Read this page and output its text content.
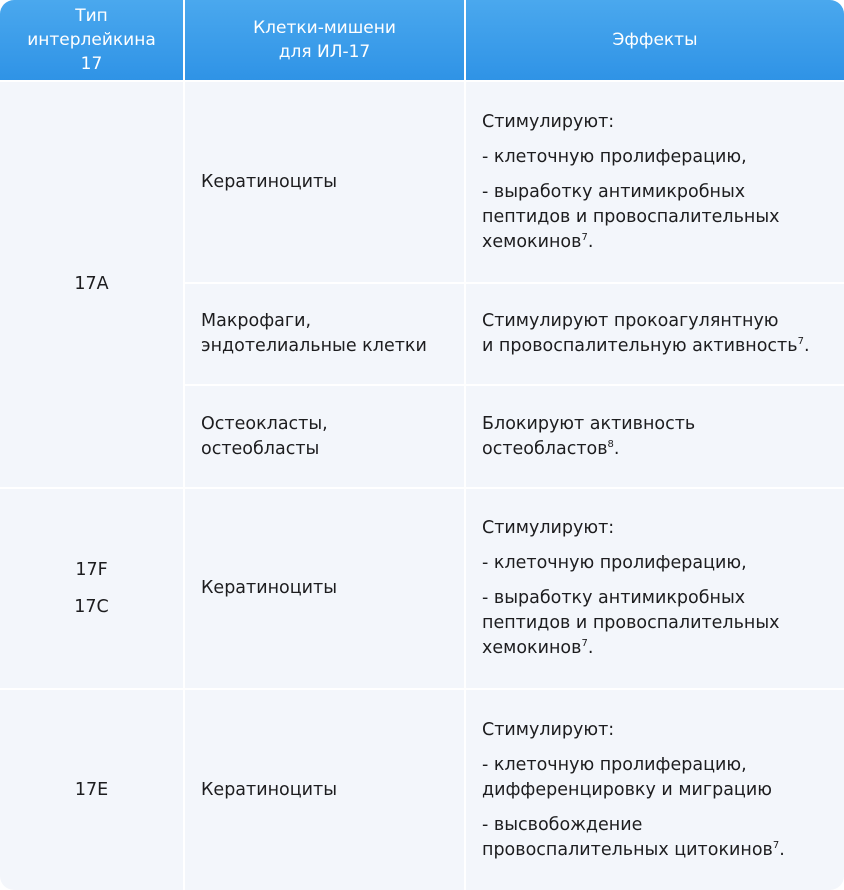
Тип
интерлейкина
17
Клетки-мишени
для ИЛ-17
Эффекты
17A
Кератиноциты
Стимулируют:
- клеточную пролиферацию,
- выработку антимикробных
пептидов и провоспалительных
хемокинов$^7$.
Макрофаги,
эндотелиальные клетки
Стимулируют прокоагулянтную
и провоспалительную активность$^7$.
Остеокласты,
остеобласты
Блокируют активность
остеобластов$^8$.
17F
17C
Кератиноциты
Стимулируют:
- клеточную пролиферацию,
- выработку антимикробных
пептидов и провоспалительных
хемокинов$^7$.
17E	Кератиноциты
Стимулируют:
- клеточную пролиферацию,
дифференцировку и миграцию
- высвобождение
провоспалительных цитокинов$^7$.
